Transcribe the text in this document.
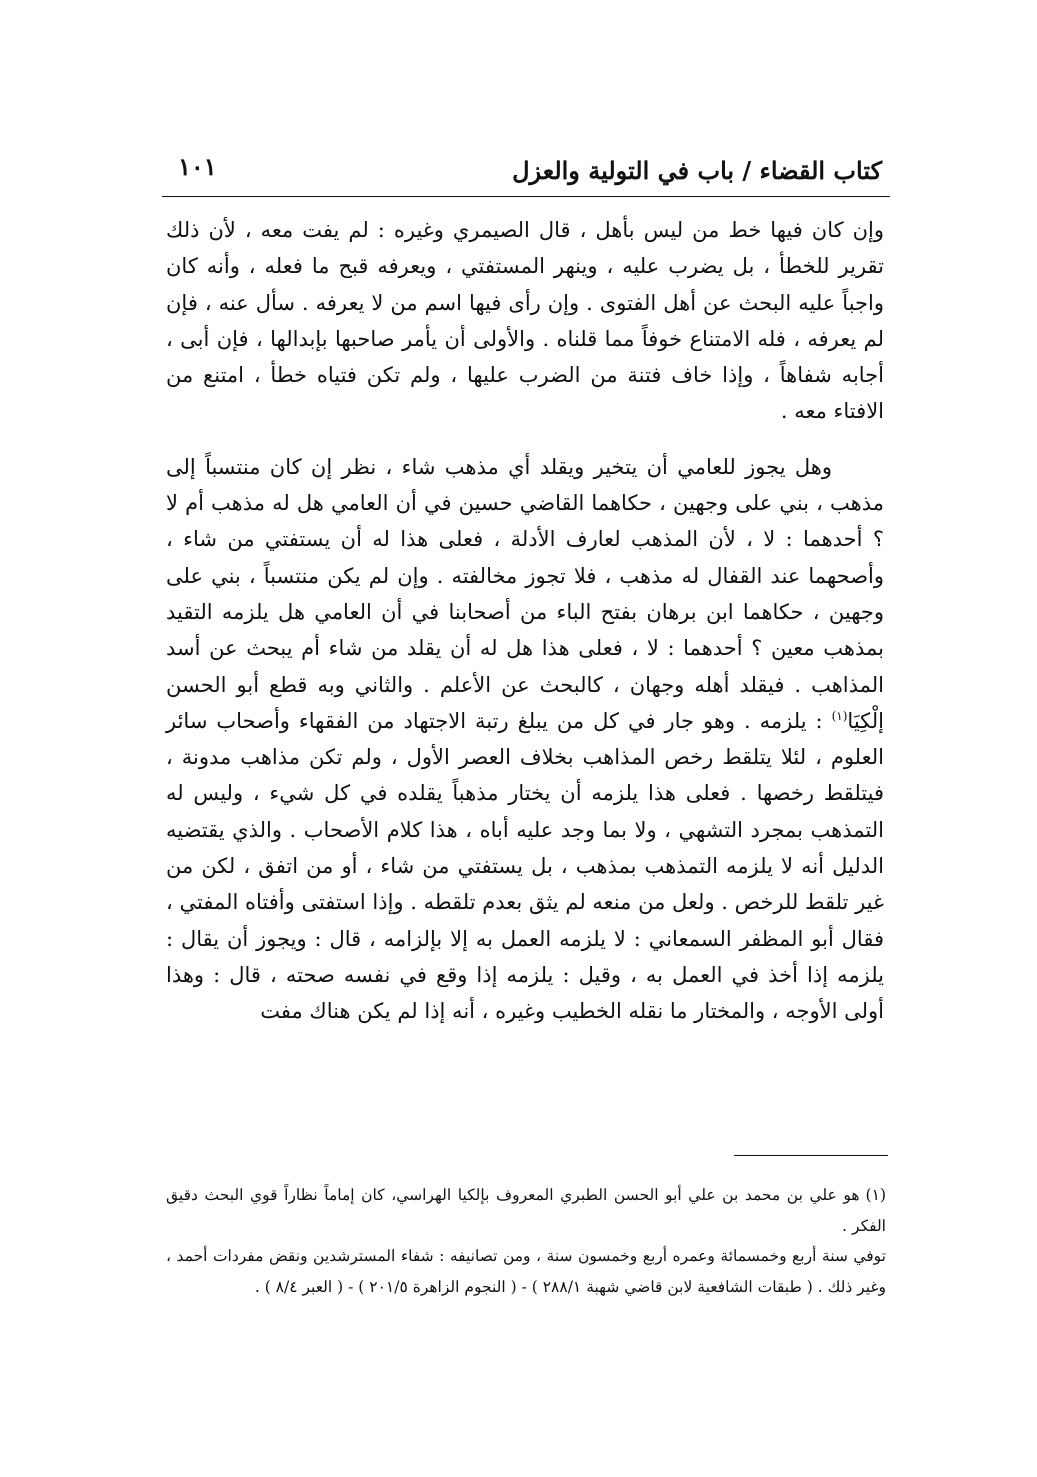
كتاب القضاء / باب في التولية والعزل
١٠١

وإن كان فيها خط من ليس بأهل ، قال الصيمري وغيره : لم يفت معه ، لأن ذلك تقرير للخطأ ، بل يضرب عليه ، وينهر المستفتي ، ويعرفه قبح ما فعله ، وأنه كان واجباً عليه البحث عن أهل الفتوى . وإن رأى فيها اسم من لا يعرفه . سأل عنه ، فإن لم يعرفه ، فله الامتناع خوفاً مما قلناه . والأولى أن يأمر صاحبها بإبدالها ، فإن أبى ، أجابه شفاهاً ، وإذا خاف فتنة من الضرب عليها ، ولم تكن فتياه خطأ ، امتنع من الافتاء معه .

وهل يجوز للعامي أن يتخير ويقلد أي مذهب شاء ، نظر إن كان منتسباً إلى مذهب ، بني على وجهين ، حكاهما القاضي حسين في أن العامي هل له مذهب أم لا ؟ أحدهما : لا ، لأن المذهب لعارف الأدلة ، فعلى هذا له أن يستفتي من شاء ، وأصحهما عند القفال له مذهب ، فلا تجوز مخالفته . وإن لم يكن منتسباً ، بني على وجهين ، حكاهما ابن برهان بفتح الباء من أصحابنا في أن العامي هل يلزمه التقيد بمذهب معين ؟ أحدهما : لا ، فعلى هذا هل له أن يقلد من شاء أم يبحث عن أسد المذاهب . فيقلد أهله وجهان ، كالبحث عن الأعلم . والثاني وبه قطع أبو الحسن إلْكِيَا$^{(١)}$ : يلزمه . وهو جار في كل من يبلغ رتبة الاجتهاد من الفقهاء وأصحاب سائر العلوم ، لئلا يتلقط رخص المذاهب بخلاف العصر الأول ، ولم تكن مذاهب مدونة ، فيتلقط رخصها . فعلى هذا يلزمه أن يختار مذهباً يقلده في كل شيء ، وليس له التمذهب بمجرد التشهي ، ولا بما وجد عليه أباه ، هذا كلام الأصحاب . والذي يقتضيه الدليل أنه لا يلزمه التمذهب بمذهب ، بل يستفتي من شاء ، أو من اتفق ، لكن من غير تلقط للرخص . ولعل من منعه لم يثق بعدم تلقطه . وإذا استفتى وأفتاه المفتي ، فقال أبو المظفر السمعاني : لا يلزمه العمل به إلا بإلزامه ، قال : ويجوز أن يقال : يلزمه إذا أخذ في العمل به ، وقيل : يلزمه إذا وقع في نفسه صحته ، قال : وهذا أولى الأوجه ، والمختار ما نقله الخطيب وغيره ، أنه إذا لم يكن هناك مفت

(١)هو علي بن محمد بن علي أبو الحسن الطبري المعروف بإلكيا الهراسي، كان إماماً نظاراً قوي البحث دقيق الفكر .

توفي سنة أربع وخمسمائة وعمره أربع وخمسون سنة ، ومن تصانيفه : شفاء المسترشدين ونقض مفردات أحمد ، وغير ذلك . ( طبقات الشافعية لابن قاضي شهبة ٢٨٨/١ ) - ( النجوم الزاهرة ٢٠١/٥ ) - ( العبر ٨/٤ ) .
